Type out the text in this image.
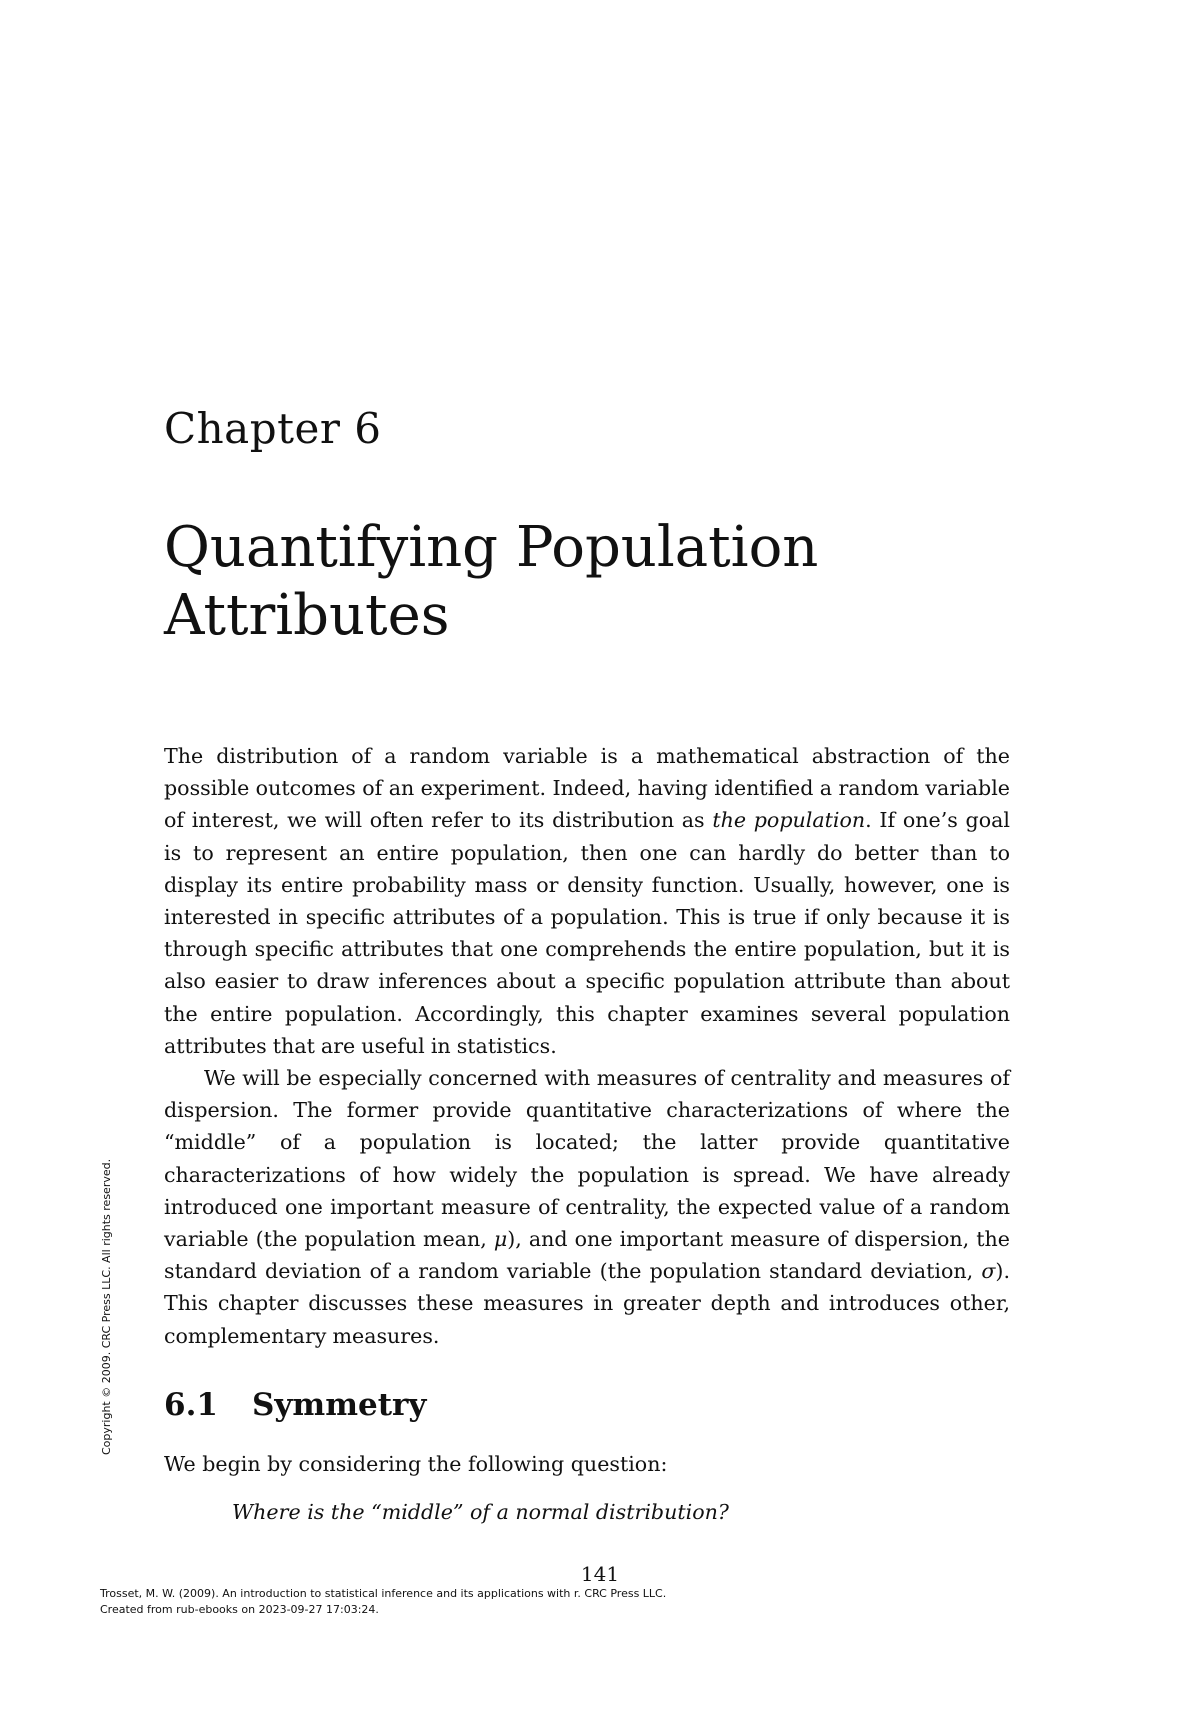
Chapter 6
Quantifying Population
Attributes

The distribution of a random variable is a mathematical abstraction of the possible outcomes of an experiment. Indeed, having identified a random variable of interest, we will often refer to its distribution as the population. If one’s goal is to represent an entire population, then one can hardly do better than to display its entire probability mass or density function. Usually, however, one is interested in specific attributes of a population. This is true if only because it is through specific attributes that one comprehends the entire population, but it is also easier to draw inferences about a specific population attribute than about the entire population. Accordingly, this chapter examines several population attributes that are useful in statistics.

We will be especially concerned with measures of centrality and measures of dispersion. The former provide quantitative characterizations of where the “middle” of a population is located; the latter provide quantitative characterizations of how widely the population is spread. We have already introduced one important measure of centrality, the expected value of a random variable (the population mean, μ), and one important measure of dispersion, the standard deviation of a random variable (the population standard deviation, σ). This chapter discusses these measures in greater depth and introduces other, complementary measures.

6.1 Symmetry
We begin by considering the following question:
Where is the “middle” of a normal distribution?
141
Trosset, M. W. (2009). An introduction to statistical inference and its applications with r. CRC Press LLC.
Created from rub-ebooks on 2023-09-27 17:03:24.
Copyright © 2009. CRC Press LLC. All rights reserved.
